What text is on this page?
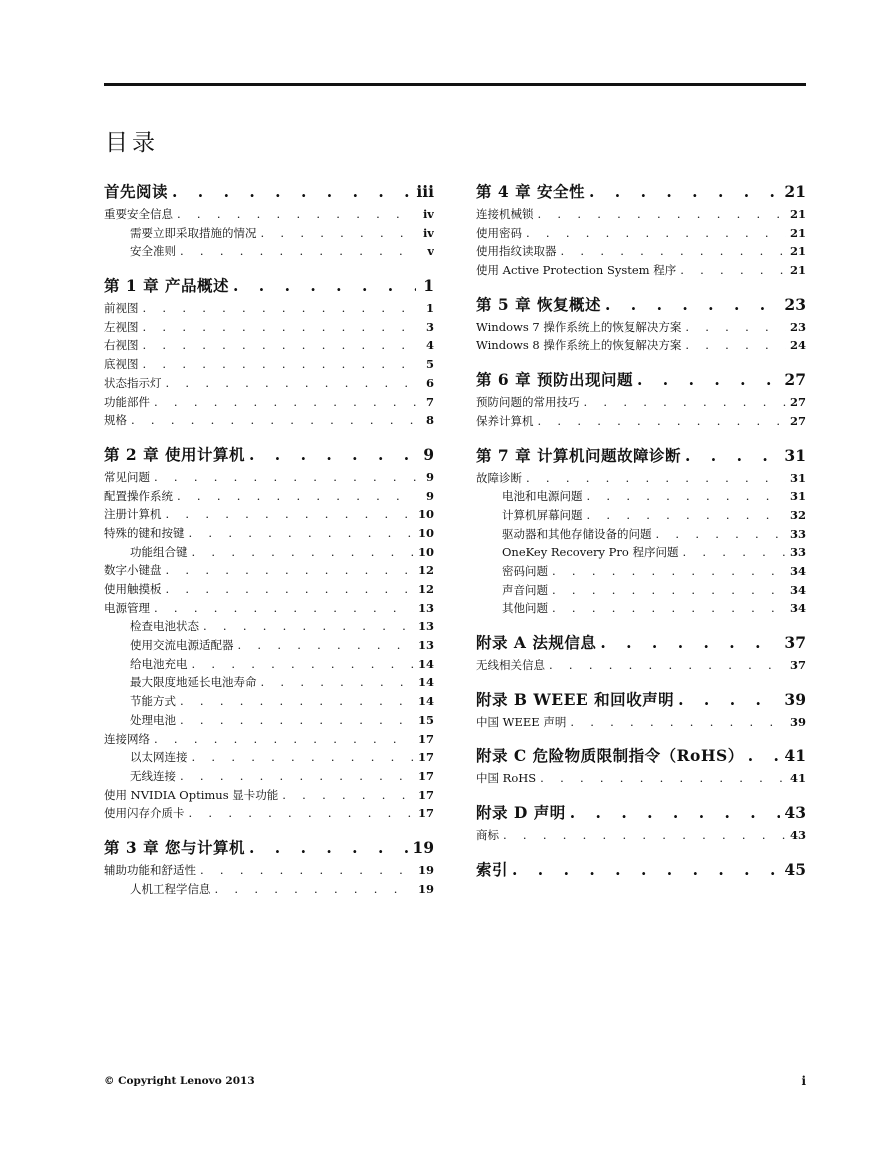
目录
首先阅读 . . .	iii
重要安全信息 . . .	iv
需要立即采取措施的情况 . . .	iv
安全准则 . . .	v
第 1 章 产品概述 . . .	1
前视图 . . .	1
左视图 . . .	3
右视图 . . .	4
底视图 . . .	5
状态指示灯 . . .	6
功能部件 . . .	7
规格 . . .	8
第 2 章 使用计算机 . . .	9
常见问题 . . .	9
配置操作系统 . . .	9
注册计算机 . . .	10
特殊的键和按键 . . .	10
功能组合键 . . .	10
数字小键盘 . . .	12
使用触摸板 . . .	12
电源管理 . . .	13
检查电池状态 . . .	13
使用交流电源适配器 . . .	13
给电池充电 . . .	14
最大限度地延长电池寿命 . . .	14
节能方式 . . .	14
处理电池 . . .	15
连接网络 . . .	17
以太网连接 . . .	17
无线连接 . . .	17
使用 NVIDIA Optimus 显卡功能 . . .	17
使用闪存介质卡 . . .	17
第 3 章 您与计算机 . . .	19
辅助功能和舒适性 . . .	19
人机工程学信息 . . .	19
第 4 章 安全性 . . .	21
连接机械锁 . . .	21
使用密码 . . .	21
使用指纹读取器 . . .	21
使用 Active Protection System 程序 . . .	21
第 5 章 恢复概述 . . .	23
Windows 7 操作系统上的恢复解决方案 . . .	23
Windows 8 操作系统上的恢复解决方案 . . .	24
第 6 章 预防出现问题 . . .	27
预防问题的常用技巧 . . .	27
保养计算机 . . .	27
第 7 章 计算机问题故障诊断 . . .	31
故障诊断 . . .	31
电池和电源问题 . . .	31
计算机屏幕问题 . . .	32
驱动器和其他存储设备的问题 . . .	33
OneKey Recovery Pro 程序问题 . . .	33
密码问题 . . .	34
声音问题 . . .	34
其他问题 . . .	34
附录 A 法规信息 . . .	37
无线相关信息 . . .	37
附录 B WEEE 和回收声明 . . .	39
中国 WEEE 声明 . . .	39
附录 C 危险物质限制指令（RoHS） . . .	41
中国 RoHS . . .	41
附录 D 声明 . . .	43
商标 . . .	43
索引 . . .	45
© Copyright Lenovo 2013	i
